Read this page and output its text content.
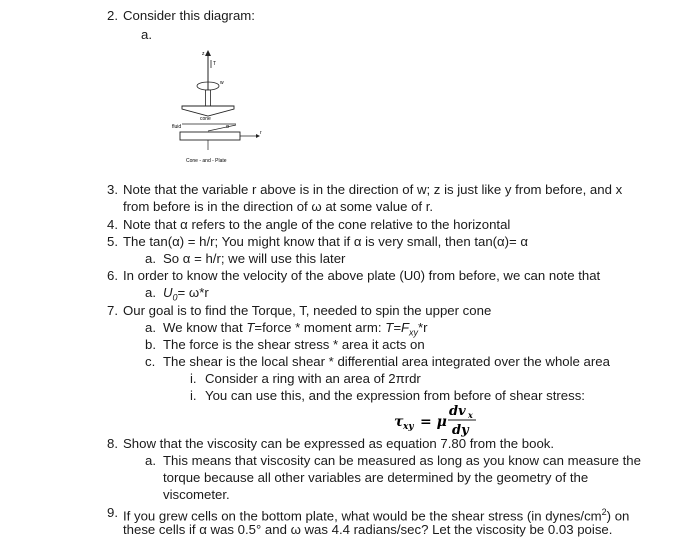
2. Consider this diagram:
a.
z
T
w
cone
fluid
r
Cone - and - Plate
3. Note that the variable r above is in the direction of w; z is just like y from before, and x
from before is in the direction of ω at some value of r.
4. Note that α refers to the angle of the cone relative to the horizontal
5. The tan(α) = h/r; You might know that if α is very small, then tan(α)= α
a. So α = h/r; we will use this later
6. In order to know the velocity of the above plate (U0) from before, we can note that
a. $U_0= \omega*r$
7. Our goal is to find the Torque, T, needed to spin the upper cone
a. We know that T=force * moment arm: $T=F_{xy}*r$
b. The force is the shear stress * area it acts on
c. The shear is the local shear * differential area integrated over the whole area
i. Consider a ring with an area of 2πrdr
i. You can use this, and the expression from before of shear stress:
τ xy = μ
dv x
dy
8. Show that the viscosity can be expressed as equation 7.80 from the book.
a. This means that viscosity can be measured as long as you know can measure the
torque because all other variables are determined by the geometry of the
viscometer.
9. If you grew cells on the bottom plate, what would be the shear stress (in dynes/$cm^2$) on
these cells if α was 0.5° and ω was 4.4 radians/sec? Let the viscosity be 0.03 poise.
